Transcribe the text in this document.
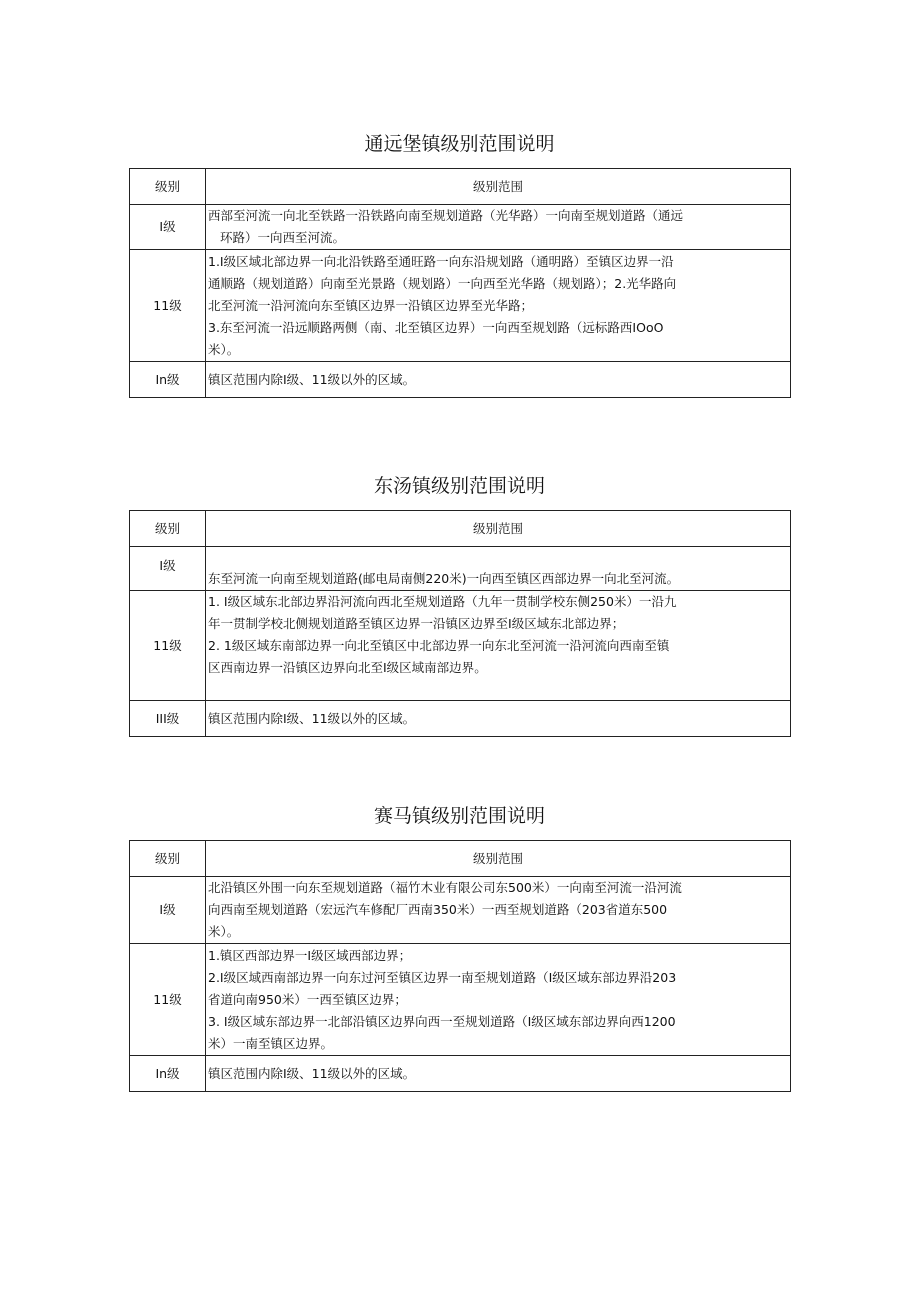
通远堡镇级别范围说明
级别	级别范围
I级	西部至河流一向北至铁路一沿铁路向南至规划道路（光华路）一向南至规划道路（通远
环路）一向西至河流。

11级	1.I级区域北部边界一向北沿铁路至通旺路一向东沿规划路（通明路）至镇区边界一沿
通顺路（规划道路）向南至光景路（规划路）一向西至光华路（规划路）；2.光华路向
北至河流一沿河流向东至镇区边界一沿镇区边界至光华路；
3.东至河流一沿远顺路两侧（南、北至镇区边界）一向西至规划路（远标路西IOoO
米）。

In级	镇区范围内除I级、11级以外的区域。
东汤镇级别范围说明
级别	级别范围
I级	东至河流一向南至规划道路(邮电局南侧220米)一向西至镇区西部边界一向北至河流。

11级	1. I级区域东北部边界沿河流向西北至规划道路（九年一贯制学校东侧250米）一沿九
年一贯制学校北侧规划道路至镇区边界一沿镇区边界至I级区域东北部边界；
2. 1级区域东南部边界一向北至镇区中北部边界一向东北至河流一沿河流向西南至镇
区西南边界一沿镇区边界向北至I级区域南部边界。

III级	镇区范围内除I级、11级以外的区域。
赛马镇级别范围说明
级别	级别范围
I级	北沿镇区外围一向东至规划道路（福竹木业有限公司东500米）一向南至河流一沿河流
向西南至规划道路（宏远汽车修配厂西南350米）一西至规划道路（203省道东500
米）。

11级	1.镇区西部边界一I级区域西部边界；
2.I级区域西南部边界一向东过河至镇区边界一南至规划道路（I级区域东部边界沿203
省道向南950米）一西至镇区边界；
3. I级区域东部边界一北部沿镇区边界向西一至规划道路（I级区域东部边界向西1200
米）一南至镇区边界。

In级	镇区范围内除I级、11级以外的区域。
